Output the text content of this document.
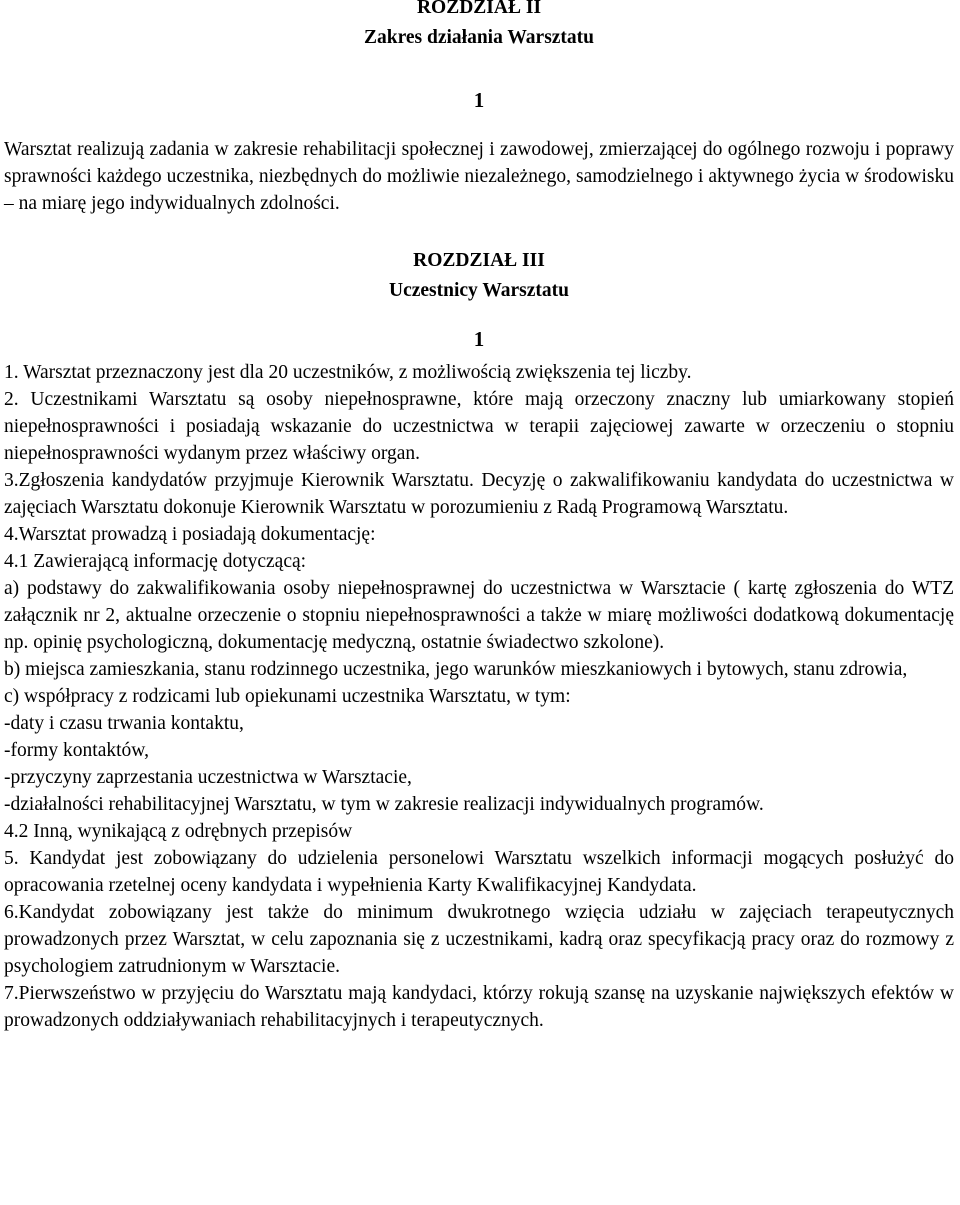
ROZDZIAŁ II
Zakres działania Warsztatu
1

Warsztat realizują zadania w zakresie rehabilitacji społecznej i zawodowej, zmierzającej do ogólnego rozwoju i poprawy sprawności każdego uczestnika, niezbędnych do możliwie niezależnego, samodzielnego i aktywnego życia w środowisku – na miarę jego indywidualnych zdolności.

ROZDZIAŁ III
Uczestnicy Warsztatu
1

1. Warsztat przeznaczony jest dla 20 uczestników, z możliwością zwiększenia tej liczby.

2. Uczestnikami Warsztatu są osoby niepełnosprawne, które mają orzeczony znaczny lub umiarkowany stopień niepełnosprawności i posiadają wskazanie do uczestnictwa w terapii zajęciowej zawarte w orzeczeniu o stopniu niepełnosprawności wydanym przez właściwy organ.

3.Zgłoszenia kandydatów przyjmuje Kierownik Warsztatu. Decyzję o zakwalifikowaniu kandydata do uczestnictwa w zajęciach Warsztatu dokonuje Kierownik Warsztatu w porozumieniu z Radą Programową Warsztatu.

4.Warsztat prowadzą i posiadają dokumentację:

4.1 Zawierającą informację dotyczącą:

a) podstawy do zakwalifikowania osoby niepełnosprawnej do uczestnictwa w Warsztacie ( kartę zgłoszenia do WTZ załącznik nr 2, aktualne orzeczenie o stopniu niepełnosprawności a także w miarę możliwości dodatkową dokumentację np. opinię psychologiczną, dokumentację medyczną, ostatnie świadectwo szkolone).

b) miejsca zamieszkania, stanu rodzinnego uczestnika, jego warunków mieszkaniowych i bytowych, stanu zdrowia,

c) współpracy z rodzicami lub opiekunami uczestnika Warsztatu, w tym:

-daty i czasu trwania kontaktu,

-formy kontaktów,

-przyczyny zaprzestania uczestnictwa w Warsztacie,

-działalności rehabilitacyjnej Warsztatu, w tym w zakresie realizacji indywidualnych programów.

4.2 Inną, wynikającą z odrębnych przepisów

5. Kandydat jest zobowiązany do udzielenia personelowi Warsztatu wszelkich informacji mogących posłużyć do opracowania rzetelnej oceny kandydata i wypełnienia Karty Kwalifikacyjnej Kandydata.

6.Kandydat zobowiązany jest także do minimum dwukrotnego wzięcia udziału w zajęciach terapeutycznych prowadzonych przez Warsztat, w celu zapoznania się z uczestnikami, kadrą oraz specyfikacją pracy oraz do rozmowy z psychologiem zatrudnionym w Warsztacie.

7.Pierwszeństwo w przyjęciu do Warsztatu mają kandydaci, którzy rokują szansę na uzyskanie największych efektów w prowadzonych oddziaływaniach rehabilitacyjnych i terapeutycznych.
